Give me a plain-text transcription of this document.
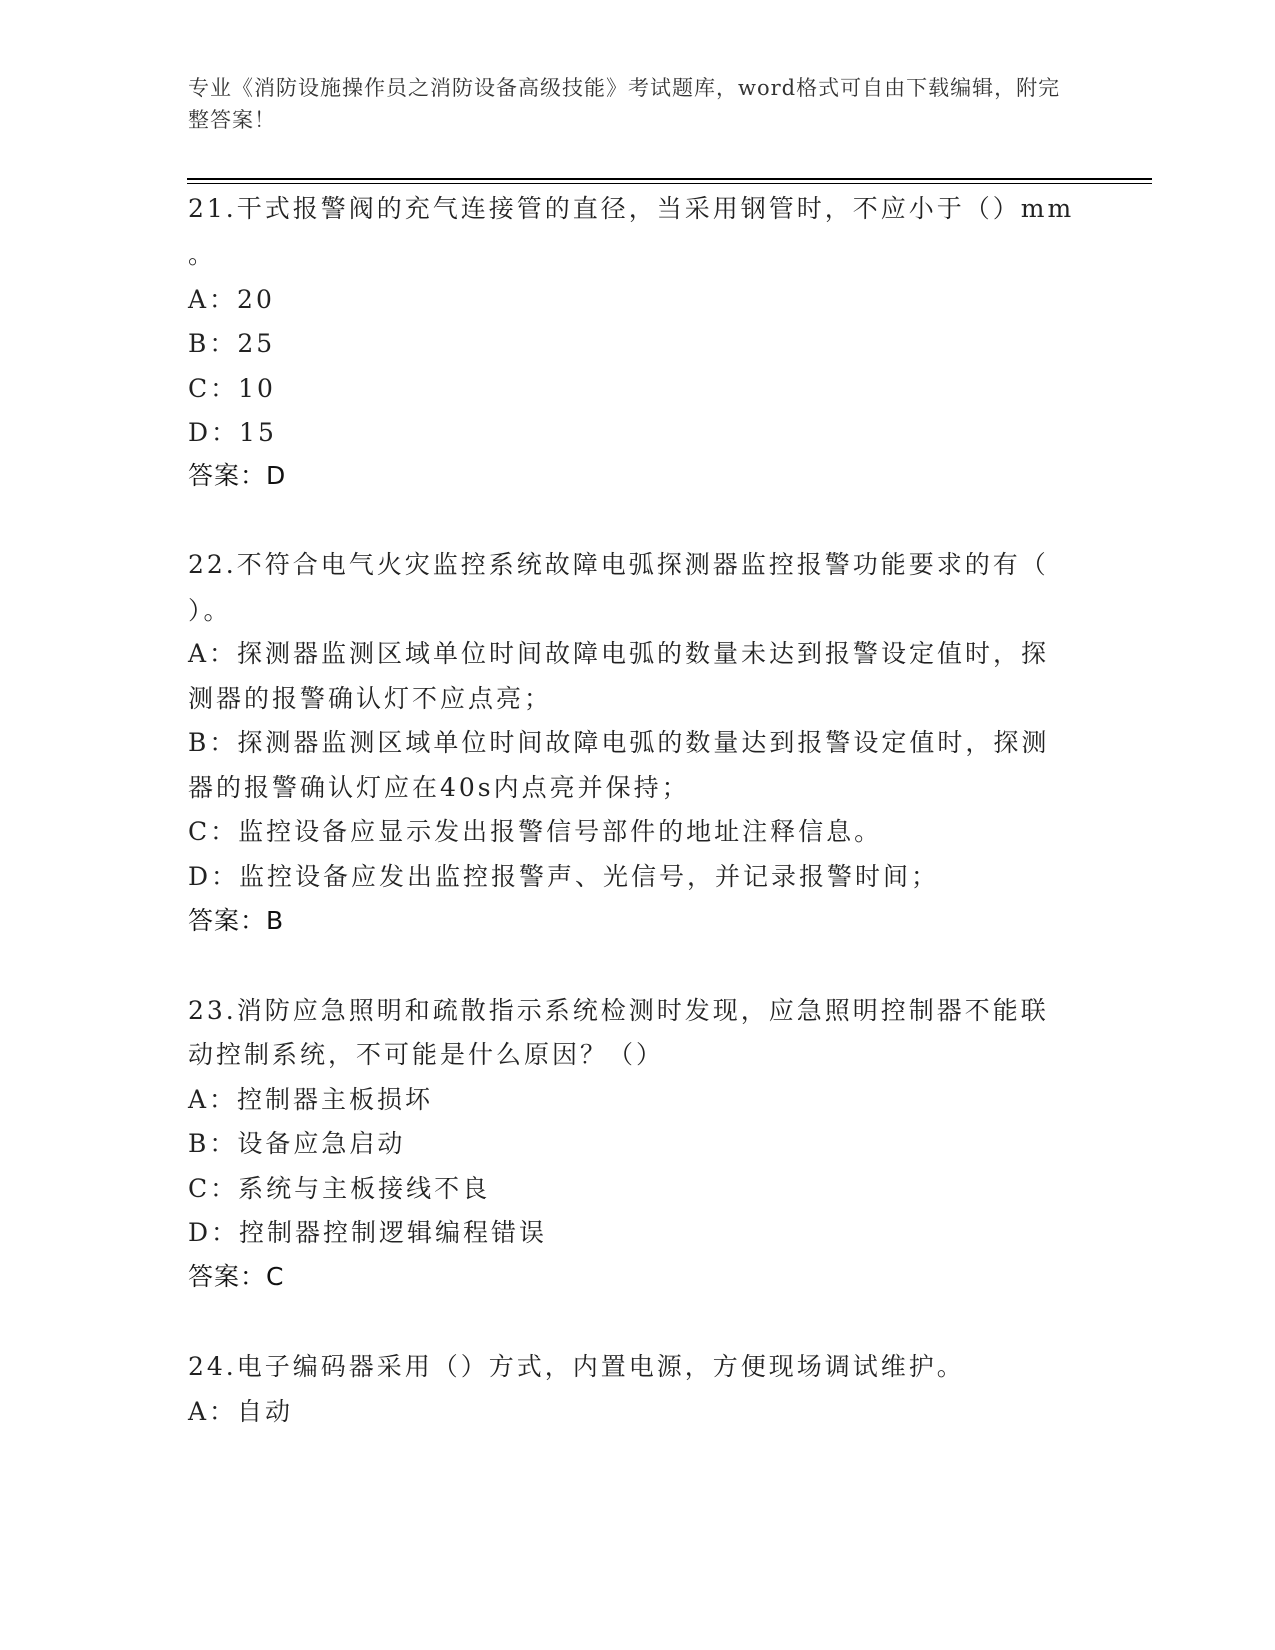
专业《消防设施操作员之消防设备高级技能》考试题库，word格式可自由下载编辑，附完整答案！
21.干式报警阀的充气连接管的直径，当采用钢管时，不应小于（）mm
。
A：20
B：25
C：10
D：15
答案：D
22.不符合电气火灾监控系统故障电弧探测器监控报警功能要求的有（
）。
A：探测器监测区域单位时间故障电弧的数量未达到报警设定值时，探
测器的报警确认灯不应点亮；
B：探测器监测区域单位时间故障电弧的数量达到报警设定值时，探测
器的报警确认灯应在40s内点亮并保持；
C：监控设备应显示发出报警信号部件的地址注释信息。
D：监控设备应发出监控报警声、光信号，并记录报警时间；
答案：B
23.消防应急照明和疏散指示系统检测时发现，应急照明控制器不能联
动控制系统，不可能是什么原因？（）
A：控制器主板损坏
B：设备应急启动
C：系统与主板接线不良
D：控制器控制逻辑编程错误
答案：C
24.电子编码器采用（）方式，内置电源，方便现场调试维护。
A：自动
